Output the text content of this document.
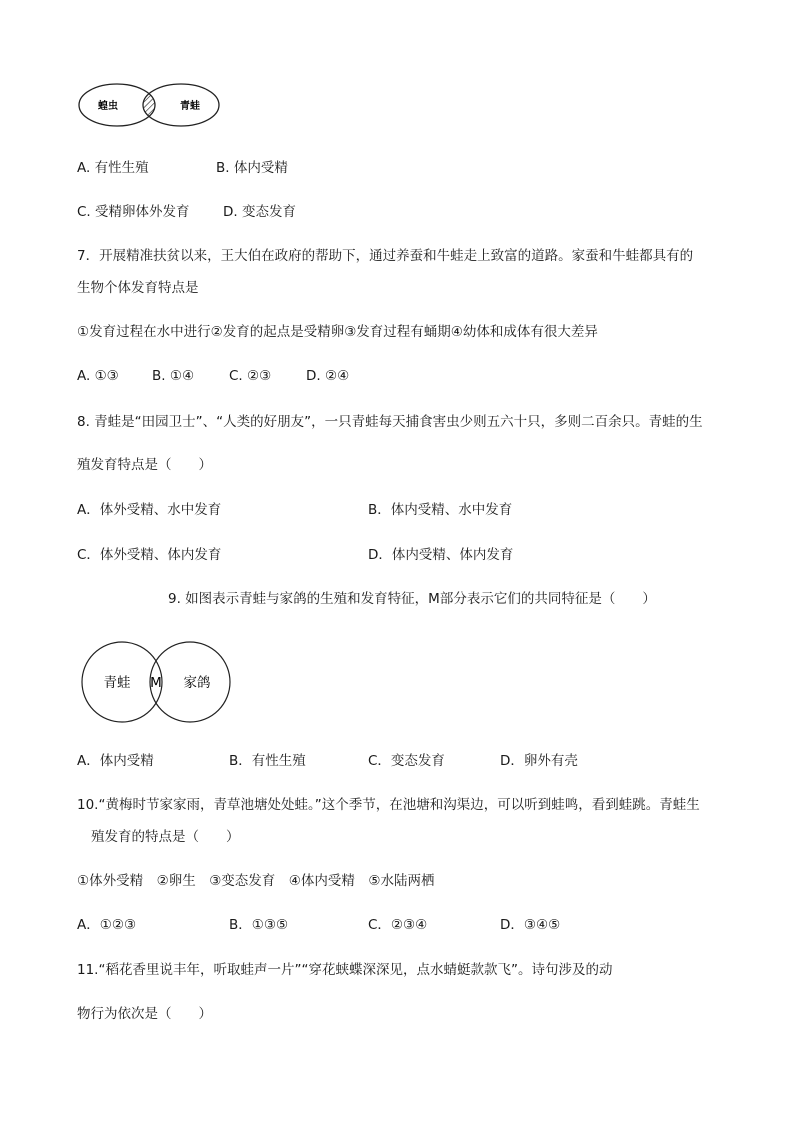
蝗虫	青蛙
A. 有性生殖	B. 体内受精
C. 受精卵体外发育 D. 变态发育
7．开展精准扶贫以来，王大伯在政府的帮助下，通过养蚕和牛蛙走上致富的道路。家蚕和牛蛙都具有的
生物个体发育特点是
①发育过程在水中进行②发育的起点是受精卵③发育过程有蛹期④幼体和成体有很大差异
A. ①③ B. ①④	C. ②③	D. ②④
8. 青蛙是“田园卫士”、“人类的好朋友”，一只青蛙每天捕食害虫少则五六十只，多则二百余只。青蛙的生
殖发育特点是（　　）
A．体外受精、水中发育	B．体内受精、水中发育
C．体外受精、体内发育	D．体内受精、体内发育
9. 如图表示青蛙与家鸽的生殖和发育特征，M部分表示它们的共同特征是（　　）
青蛙 M 家鸽
A．体内受精	B．有性生殖	C．变态发育	D．卵外有壳
10.“黄梅时节家家雨，青草池塘处处蛙。”这个季节，在池塘和沟渠边，可以听到蛙鸣，看到蛙跳。青蛙生
殖发育的特点是（　　）
①体外受精　②卵生　③变态发育　④体内受精　⑤水陆两栖
A．①②③	B．①③⑤	C．②③④	D．③④⑤
11.“稻花香里说丰年，听取蛙声一片”“穿花蛱蝶深深见，点水蜻蜓款款飞”。诗句涉及的动
物行为依次是（　　）
